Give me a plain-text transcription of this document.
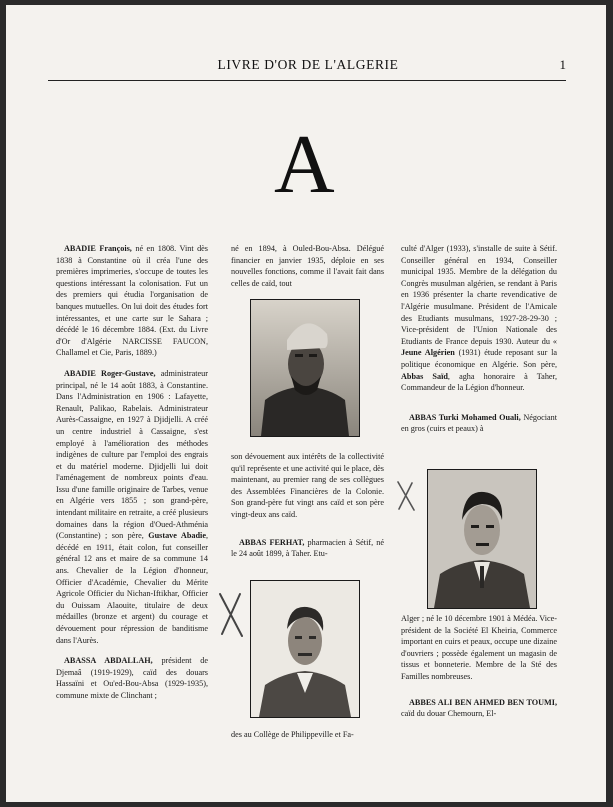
LIVRE D'OR DE L'ALGERIE	1
A

ABADIE François, né en 1808. Vint dès 1838 à Constantine où il créa l'une des premières imprimeries, s'occupe de toutes les questions intéressant la colonisation. Fut un des premiers qui étudia l'organisation de banques mutuelles. On lui doit des études fort intéressantes, et une carte sur le Sahara ; décédé le 16 décembre 1884. (Ext. du Livre d'Or d'Algérie NARCISSE FAUCON, Challamel et Cie, Paris, 1889.)

ABADIE Roger-Gustave, administrateur principal, né le 14 août 1883, à Constantine. Dans l'Administration en 1906 : Lafayette, Renault, Palikao, Rabelais. Administrateur Aurès-Cassaigne, en 1927 à Djidjelli. A créé un centre industriel à Cassaigne, s'est employé à l'amélioration des méthodes indigènes de culture par l'emploi des engrais et du matériel moderne. Djidjelli lui doit l'aménagement de nombreux points d'eau. Issu d'une famille originaire de Tarbes, venue en Algérie vers 1855 ; son grand-père, intendant militaire en retraite, a créé plusieurs domaines dans la région d'Oued-Athménia (Constantine) ; son père, Gustave Abadie, décédé en 1911, était colon, fut conseiller général 12 ans et maire de sa commune 14 ans. Chevalier de la Légion d'honneur, Officier d'Académie, Chevalier du Mérite Agricole Officier du Nichan-Iftikhar, Officier du Ouissam Alaouite, titulaire de deux médailles (bronze et argent) du courage et dévouement pour répression de banditisme dans l'Aurès.

ABASSA ABDALLAH, président de Djemaâ (1919-1929), caïd des douars Hassaïni et Ou'ed-Bou-Absa (1929-1935), commune mixte de Clinchant ;

né en 1894, à Ouled-Bou-Absa. Délégué financier en janvier 1935, déploie en ses nouvelles fonctions, comme il l'avait fait dans celles de caïd, tout

son dévouement aux intérêts de la collectivité qu'il représente et une activité qui le place, dès maintenant, au premier rang de ses collègues des Assemblées Financières de la Colonie. Son grand-père fut vingt ans caïd et son père vingt-deux ans caïd.

ABBAS FERHAT, pharmacien à Sétif, né le 24 août 1899, à Taher. Etu-

des au Collège de Philippeville et Fa-

culté d'Alger (1933), s'installe de suite à Sétif. Conseiller général en 1934, Conseiller municipal 1935. Membre de la délégation du Congrès musulman algérien, se rendant à Paris en 1936 présenter la charte revendicative de l'Algérie musulmane. Président de l'Amicale des Etudiants musulmans, 1927-28-29-30 ; Vice-président de l'Union Nationale des Etudiants de France depuis 1930. Auteur du « Jeune Algérien (1931) étude reposant sur la politique économique en Algérie. Son père, Abbas Saïd, agha honoraire à Taher, Commandeur de la Légion d'honneur.

ABBAS Turki Mohamed Ouali, Négociant en gros (cuirs et peaux) à

Alger ; né le 10 décembre 1901 à Médéa. Vice-président de la Société El Kheiria, Commerce important en cuirs et peaux, occupe une dizaine d'ouvriers ; possède également un magasin de tissus et bonneterie. Membre de la Sté des Familles nombreuses.

ABBES ALI BEN AHMED BEN TOUMI, caïd du douar Chemourn, El-
